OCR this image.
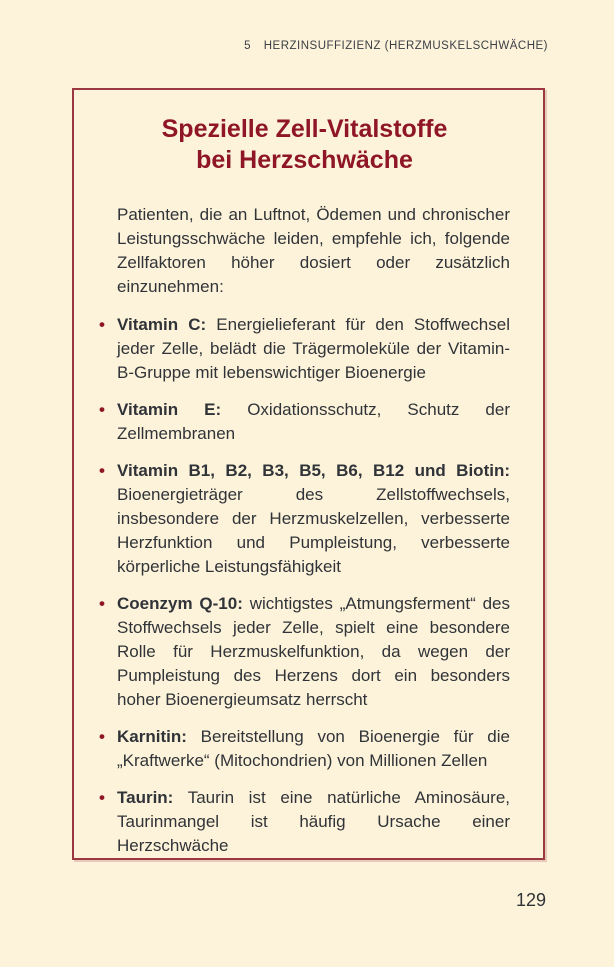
5 HERZINSUFFIZIENZ (HERZMUSKELSCHWÄCHE)
Spezielle Zell-Vitalstoffe
bei Herzschwäche

Patienten, die an Luftnot, Ödemen und chronischer Leistungsschwäche leiden, empfehle ich, folgende Zellfaktoren höher dosiert oder zusätzlich einzunehmen:

• Vitamin C: Energielieferant für den Stoffwechsel jeder Zelle, belädt die Trägermoleküle der Vitamin-B-Gruppe mit lebenswichtiger Bioenergie
• Vitamin E: Oxidationsschutz, Schutz der Zellmembranen
• Vitamin B1, B2, B3, B5, B6, B12 und Biotin: Bioenergieträger des Zellstoffwechsels, insbesondere der Herzmuskelzellen, verbesserte Herzfunktion und Pumpleistung, verbesserte körperliche Leistungsfähigkeit
• Coenzym Q-10: wichtigstes „Atmungsferment“ des Stoffwechsels jeder Zelle, spielt eine besondere Rolle für Herzmuskelfunktion, da wegen der Pumpleistung des Herzens dort ein besonders hoher Bioenergieumsatz herrscht
• Karnitin: Bereitstellung von Bioenergie für die „Kraftwerke“ (Mitochondrien) von Millionen Zellen
• Taurin: Taurin ist eine natürliche Aminosäure, Taurinmangel ist häufig Ursache einer Herzschwäche
129
